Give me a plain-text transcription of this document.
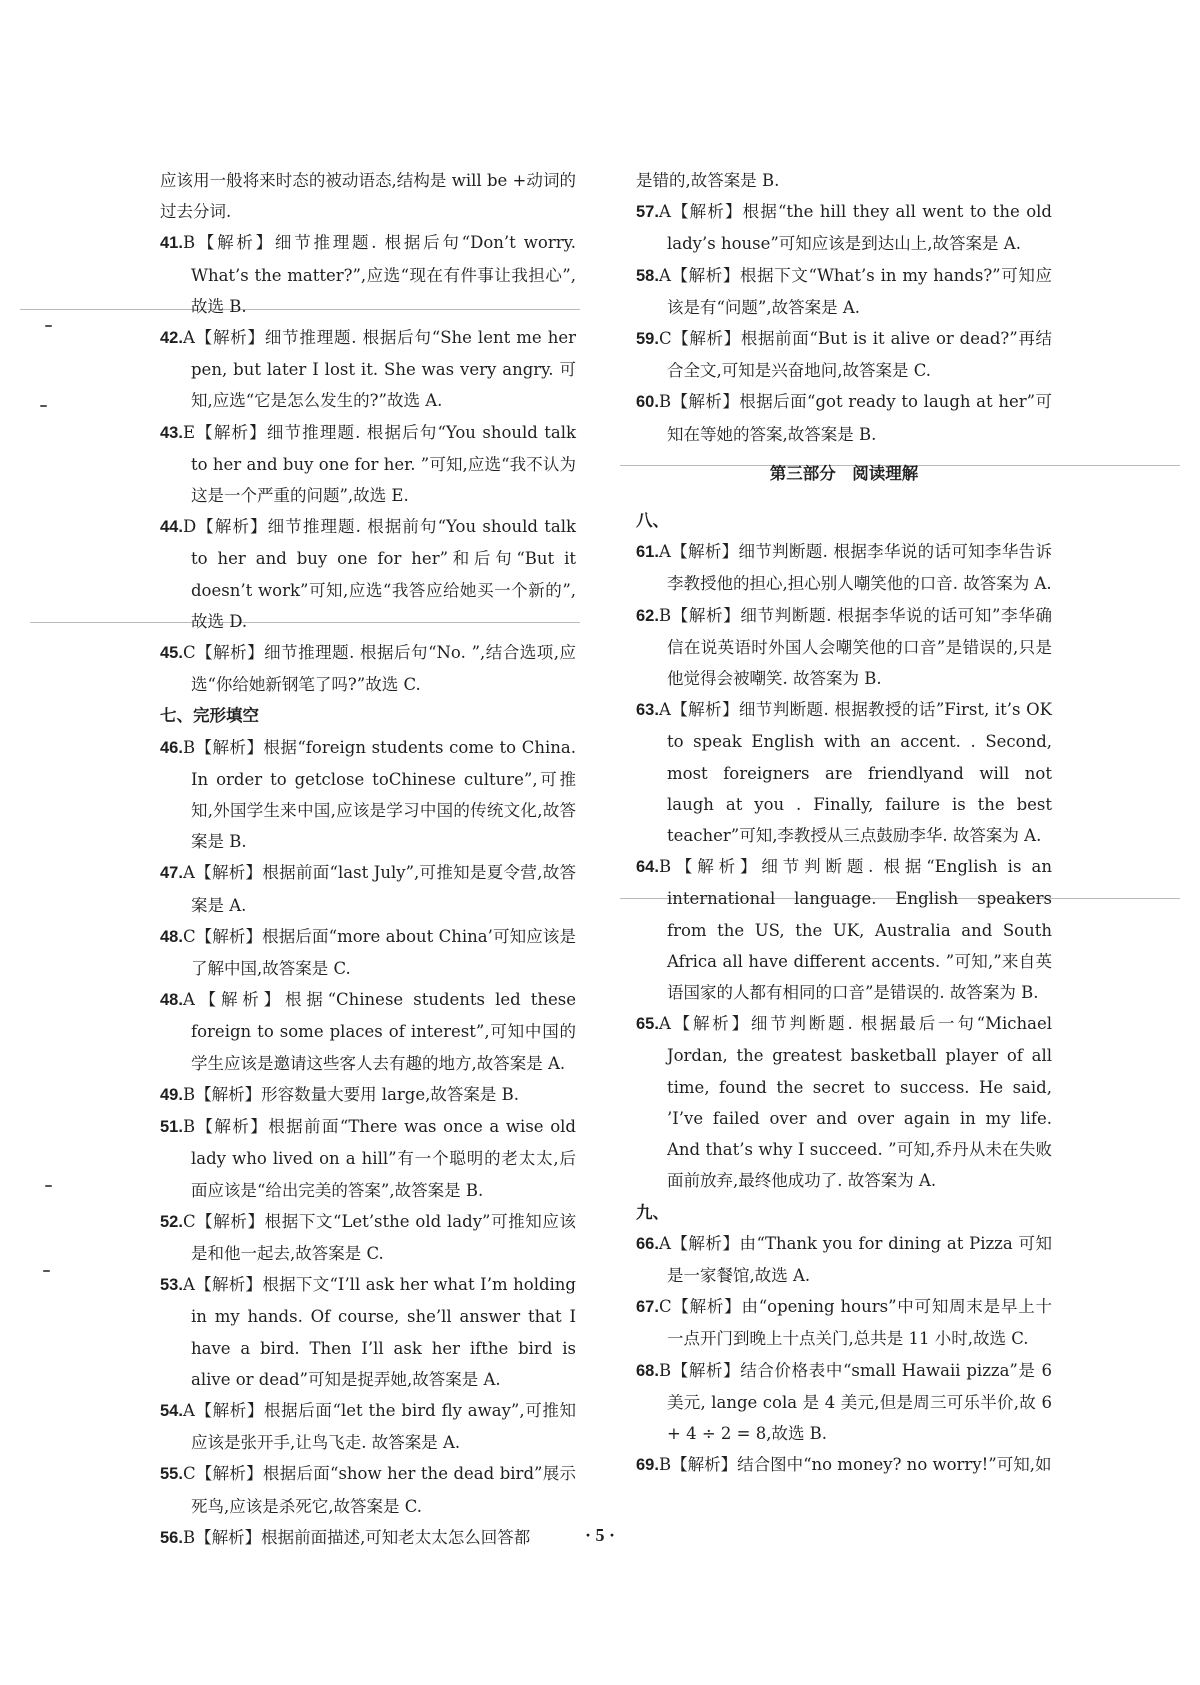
应该用一般将来时态的被动语态,结构是 will be +动词的过去分词.

41.B【解析】细节推理题. 根据后句“Don’t worry. What’s the matter?”,应选“现在有件事让我担心”,故选 B.

42.A【解析】细节推理题. 根据后句“She lent me her pen, but later I lost it. She was very angry. 可知,应选“它是怎么发生的?”故选 A.

43.E【解析】细节推理题. 根据后句“You should talk to her and buy one for her. ”可知,应选“我不认为这是一个严重的问题”,故选 E.

44.D【解析】细节推理题. 根据前句“You should talk to her and buy one for her”和后句“But it doesn’t work”可知,应选“我答应给她买一个新的”,故选 D.

45.C【解析】细节推理题. 根据后句“No. ”,结合选项,应选“你给她新钢笔了吗?”故选 C.

七、完形填空

46.B【解析】根据“foreign students come to China. In order to getclose toChinese culture”,可推知,外国学生来中国,应该是学习中国的传统文化,故答案是 B.

47.A【解析】根据前面“last July”,可推知是夏令营,故答案是 A.

48.C【解析】根据后面“more about China’可知应该是了解中国,故答案是 C.

48.A【解析】根据“Chinese students led these foreign to some places of interest”,可知中国的学生应该是邀请这些客人去有趣的地方,故答案是 A.

49.B【解析】形容数量大要用 large,故答案是 B.

51.B【解析】根据前面“There was once a wise old lady who lived on a hill”有一个聪明的老太太,后面应该是“给出完美的答案”,故答案是 B.

52.C【解析】根据下文“Let’sthe old lady”可推知应该是和他一起去,故答案是 C.

53.A【解析】根据下文“I’ll ask her what I’m holding in my hands. Of course, she’ll answer that I have a bird. Then I’ll ask her ifthe bird is alive or dead”可知是捉弄她,故答案是 A.

54.A【解析】根据后面“let the bird fly away”,可推知应该是张开手,让鸟飞走. 故答案是 A.

55.C【解析】根据后面“show her the dead bird”展示死鸟,应该是杀死它,故答案是 C.

56.B【解析】根据前面描述,可知老太太怎么回答都

是错的,故答案是 B.

57.A【解析】根据“the hill they all went to the old lady’s house”可知应该是到达山上,故答案是 A.

58.A【解析】根据下文“What’s in my hands?”可知应该是有“问题”,故答案是 A.

59.C【解析】根据前面“But is it alive or dead?”再结合全文,可知是兴奋地问,故答案是 C.

60.B【解析】根据后面“got ready to laugh at her”可知在等她的答案,故答案是 B.

第三部分　阅读理解

八、

61.A【解析】细节判断题. 根据李华说的话可知李华告诉李教授他的担心,担心别人嘲笑他的口音. 故答案为 A.

62.B【解析】细节判断题. 根据李华说的话可知”李华确信在说英语时外国人会嘲笑他的口音”是错误的,只是他觉得会被嘲笑. 故答案为 B.

63.A【解析】细节判断题. 根据教授的话”First, it’s OK to speak English with an accent. . Second, most foreigners are friendlyand will not laugh at you . Finally, failure is the best teacher”可知,李教授从三点鼓励李华. 故答案为 A.

64.B【解析】细节判断题. 根据“English is an international language. English speakers from the US, the UK, Australia and South Africa all have different accents. ”可知,”来自英语国家的人都有相同的口音”是错误的. 故答案为 B.

65.A【解析】细节判断题. 根据最后一句“Michael Jordan, the greatest basketball player of all time, found the secret to success. He said, ’I’ve failed over and over again in my life. And that’s why I succeed. ”可知,乔丹从未在失败面前放弃,最终他成功了. 故答案为 A.

九、

66.A【解析】由“Thank you for dining at Pizza 可知是一家餐馆,故选 A.

67.C【解析】由“opening hours”中可知周末是早上十一点开门到晚上十点关门,总共是 11 小时,故选 C.

68.B【解析】结合价格表中“small Hawaii pizza”是 6 美元, lange cola 是 4 美元,但是周三可乐半价,故 6 + 4 ÷ 2 = 8,故选 B.

69.B【解析】结合图中“no money? no worry!”可知,如

· 5 ·
